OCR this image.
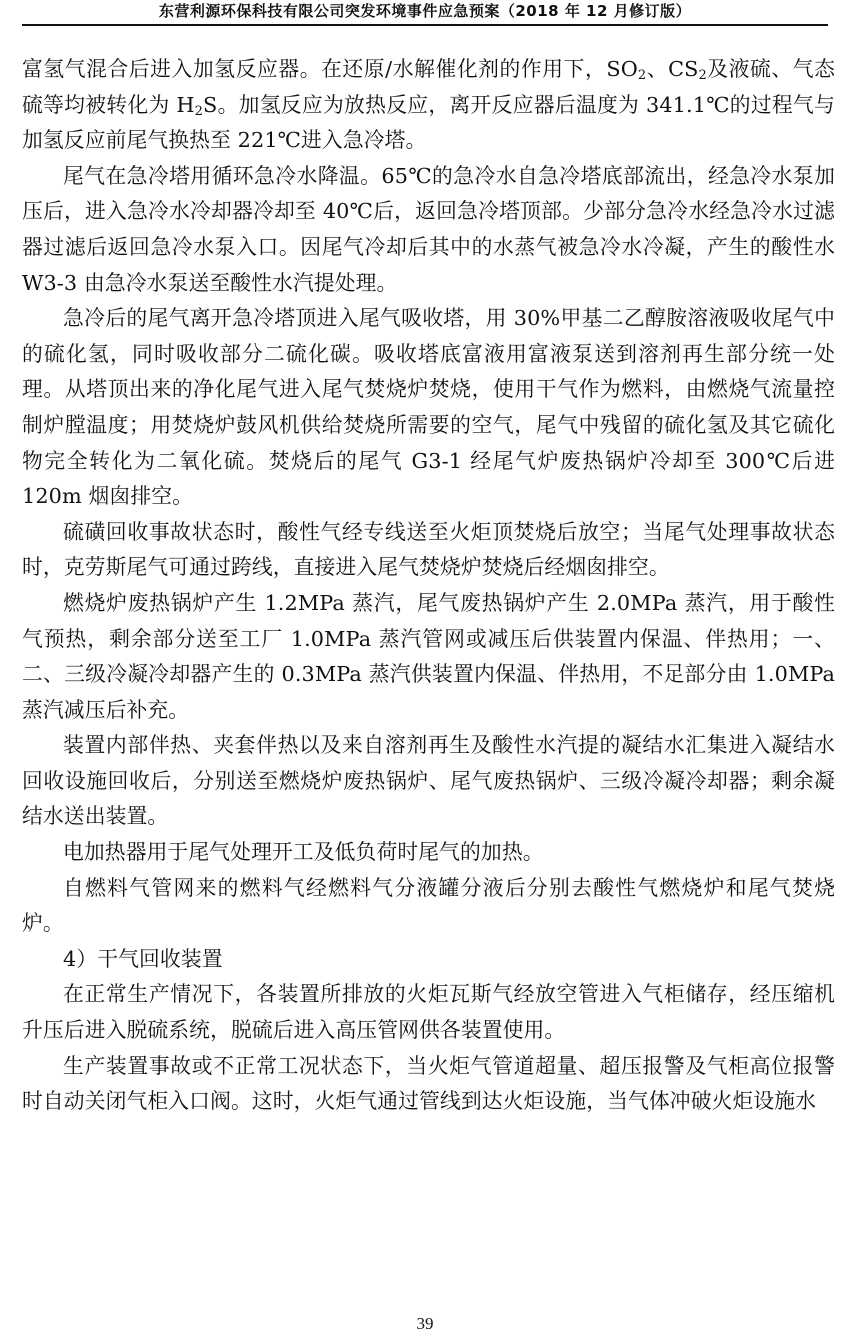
东营利源环保科技有限公司突发环境事件应急预案（2018 年 12 月修订版）

富氢气混合后进入加氢反应器。在还原/水解催化剂的作用下，$SO_2$、$CS_2$及液硫、气态硫等均被转化为 $H_2S$。加氢反应为放热反应，离开反应器后温度为 341.1℃的过程气与加氢反应前尾气换热至 221℃进入急冷塔。

尾气在急冷塔用循环急冷水降温。65℃的急冷水自急冷塔底部流出，经急冷水泵加压后，进入急冷水冷却器冷却至 40℃后，返回急冷塔顶部。少部分急冷水经急冷水过滤器过滤后返回急冷水泵入口。因尾气冷却后其中的水蒸气被急冷水冷凝，产生的酸性水 W3-3 由急冷水泵送至酸性水汽提处理。

急冷后的尾气离开急冷塔顶进入尾气吸收塔，用 30%甲基二乙醇胺溶液吸收尾气中的硫化氢，同时吸收部分二硫化碳。吸收塔底富液用富液泵送到溶剂再生部分统一处理。从塔顶出来的净化尾气进入尾气焚烧炉焚烧，使用干气作为燃料，由燃烧气流量控制炉膛温度；用焚烧炉鼓风机供给焚烧所需要的空气，尾气中残留的硫化氢及其它硫化物完全转化为二氧化硫。焚烧后的尾气 G3-1 经尾气炉废热锅炉冷却至 300℃后进 120m 烟囱排空。

硫磺回收事故状态时，酸性气经专线送至火炬顶焚烧后放空；当尾气处理事故状态时，克劳斯尾气可通过跨线，直接进入尾气焚烧炉焚烧后经烟囱排空。

燃烧炉废热锅炉产生 1.2MPa 蒸汽，尾气废热锅炉产生 2.0MPa 蒸汽，用于酸性气预热，剩余部分送至工厂 1.0MPa 蒸汽管网或减压后供装置内保温、伴热用；一、二、三级冷凝冷却器产生的 0.3MPa 蒸汽供装置内保温、伴热用，不足部分由 1.0MPa 蒸汽减压后补充。

装置内部伴热、夹套伴热以及来自溶剂再生及酸性水汽提的凝结水汇集进入凝结水回收设施回收后，分别送至燃烧炉废热锅炉、尾气废热锅炉、三级冷凝冷却器；剩余凝结水送出装置。

电加热器用于尾气处理开工及低负荷时尾气的加热。

自燃料气管网来的燃料气经燃料气分液罐分液后分别去酸性气燃烧炉和尾气焚烧炉。

4）干气回收装置

在正常生产情况下，各装置所排放的火炬瓦斯气经放空管进入气柜储存，经压缩机升压后进入脱硫系统，脱硫后进入高压管网供各装置使用。

生产装置事故或不正常工况状态下，当火炬气管道超量、超压报警及气柜高位报警时自动关闭气柜入口阀。这时，火炬气通过管线到达火炬设施，当气体冲破火炬设施水

39
